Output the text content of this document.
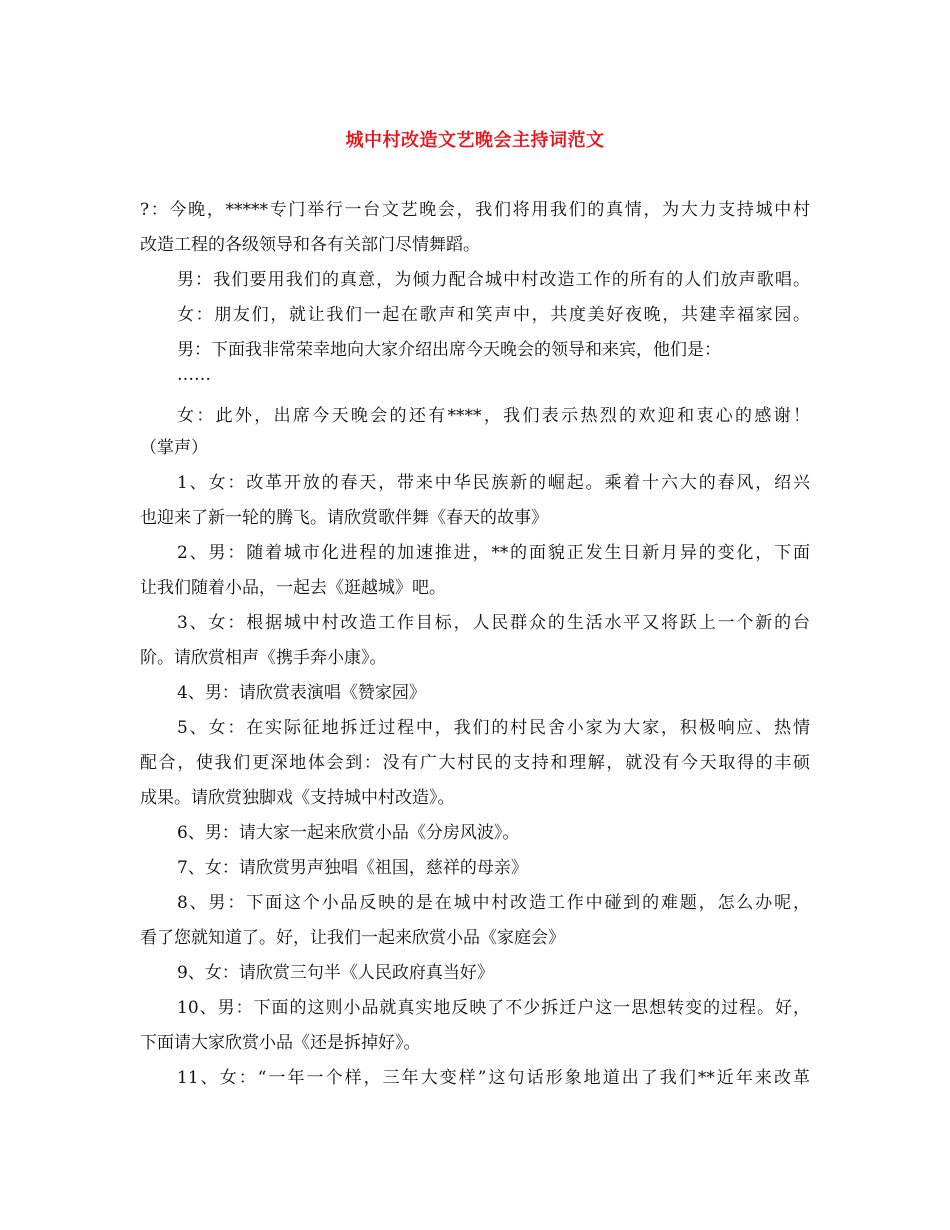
城中村改造文艺晚会主持词范文
?：今晚，*****专门举行一台文艺晚会，我们将用我们的真情，为大力支持城中村
改造工程的各级领导和各有关部门尽情舞蹈。
男：我们要用我们的真意，为倾力配合城中村改造工作的所有的人们放声歌唱。
女：朋友们，就让我们一起在歌声和笑声中，共度美好夜晚，共建幸福家园。
男：下面我非常荣幸地向大家介绍出席今天晚会的领导和来宾，他们是：
……
女：此外，出席今天晚会的还有****，我们表示热烈的欢迎和衷心的感谢！
（掌声）
1、女：改革开放的春天，带来中华民族新的崛起。乘着十六大的春风，绍兴
也迎来了新一轮的腾飞。请欣赏歌伴舞《春天的故事》
2、男：随着城市化进程的加速推进，**的面貌正发生日新月异的变化，下面
让我们随着小品，一起去《逛越城》吧。
3、女：根据城中村改造工作目标，人民群众的生活水平又将跃上一个新的台
阶。请欣赏相声《携手奔小康》。
4、男：请欣赏表演唱《赞家园》
5、女：在实际征地拆迁过程中，我们的村民舍小家为大家，积极响应、热情
配合，使我们更深地体会到：没有广大村民的支持和理解，就没有今天取得的丰硕
成果。请欣赏独脚戏《支持城中村改造》。
6、男：请大家一起来欣赏小品《分房风波》。
7、女：请欣赏男声独唱《祖国，慈祥的母亲》
8、男：下面这个小品反映的是在城中村改造工作中碰到的难题，怎么办呢，
看了您就知道了。好，让我们一起来欣赏小品《家庭会》
9、女：请欣赏三句半《人民政府真当好》
10、男：下面的这则小品就真实地反映了不少拆迁户这一思想转变的过程。好，
下面请大家欣赏小品《还是拆掉好》。
11、女：“一年一个样，三年大变样”这句话形象地道出了我们**近年来改革
